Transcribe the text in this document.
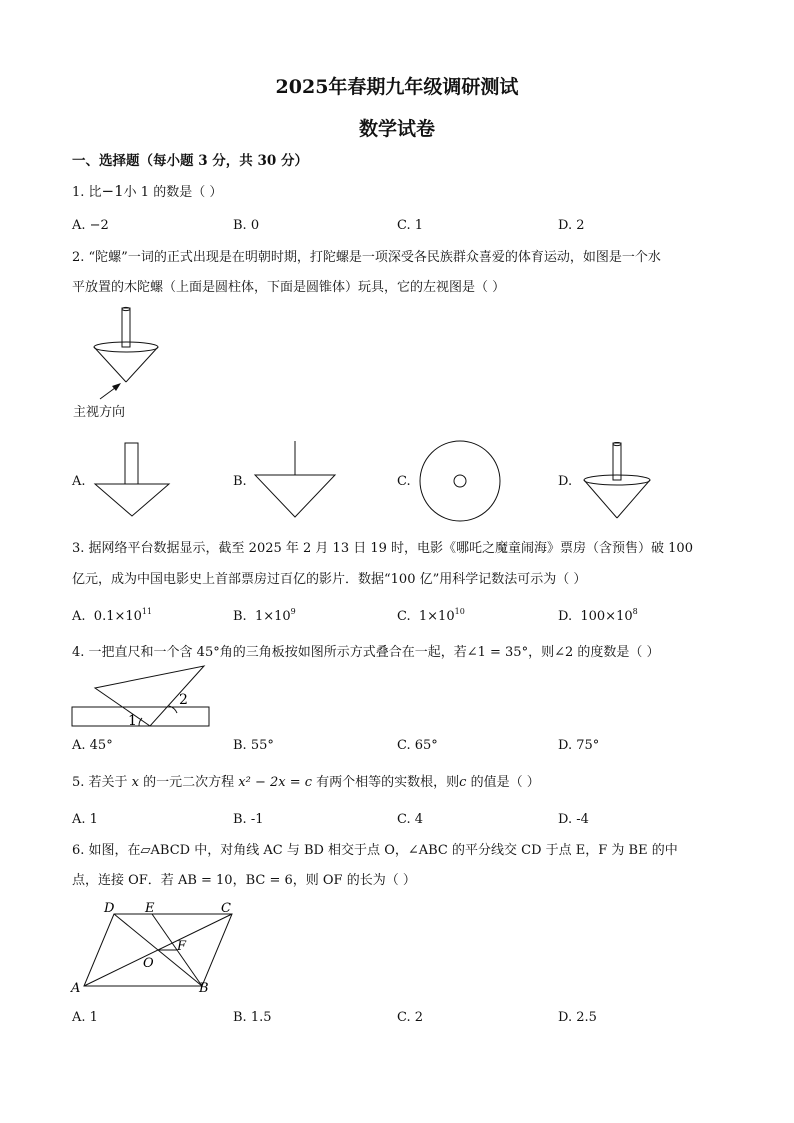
2025年春期九年级调研测试
数学试卷
一、选择题（每小题 3 分，共 30 分）
1. 比−1小 1 的数是（ ）
A. −2	B. 0	C. 1	D. 2
2. “陀螺”一词的正式出现是在明朝时期，打陀螺是一项深受各民族群众喜爱的体育运动，如图是一个水
平放置的木陀螺（上面是圆柱体，下面是圆锥体）玩具，它的左视图是（ ）
主视方向
A.	B.	C.	D.
3. 据网络平台数据显示，截至 2025 年 2 月 13 日 19 时，电影《哪吒之魔童闹海》票房（含预售）破 100
亿元，成为中国电影史上首部票房过百亿的影片．数据“100 亿”用科学记数法可示为（ ）
A. $0.1\times 10^{11}$	B. $1\times 10^9$	C. $1\times 10^{10}$	D. $100\times 10^8$
4. 一把直尺和一个含 45°角的三角板按如图所示方式叠合在一起，若∠1 = 35°，则∠2 的度数是（ ）
2
1
A. 45°	B. 55°	C. 65°	D. 75°
5. 若关于 x 的一元二次方程 x² − 2x = c 有两个相等的实数根，则c 的值是（ ）
A. 1	B. -1	C. 4	D. -4
6. 如图，在▱ABCD 中，对角线 AC 与 BD 相交于点 O，∠ABC 的平分线交 CD 于点 E，F 为 BE 的中
点，连接 OF．若 AB = 10，BC = 6，则 OF 的长为（ ）
D E	C
F
O
A	B
A. 1	B. 1.5	C. 2	D. 2.5
